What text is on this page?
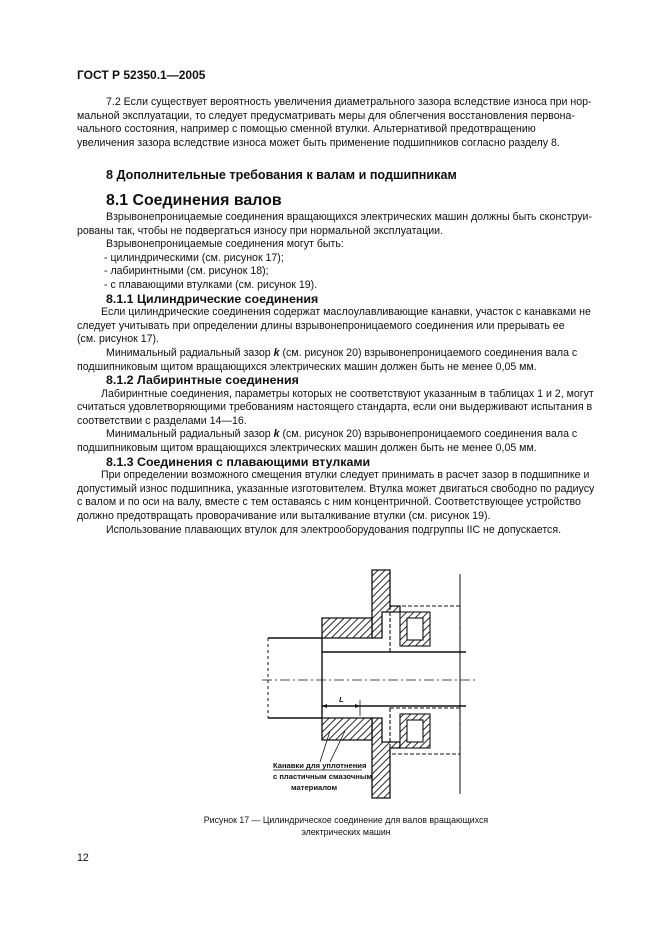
ГОСТ Р 52350.1—2005

7.2 Если существует вероятность увеличения диаметрального зазора вследствие износа при нор-

мальной эксплуатации, то следует предусматривать меры для облегчения восстановления первона-

чального состояния, например с помощью сменной втулки. Альтернативой предотвращению

увеличения зазора вследствие износа может быть применение подшипников согласно разделу 8.

8 Дополнительные требования к валам и подшипникам
8.1 Соединения валов

Взрывонепроницаемые соединения вращающихся электрических машин должны быть сконструи-

рованы так, чтобы не подвергаться износу при нормальной эксплуатации.

Взрывонепроницаемые соединения могут быть:

- цилиндрическими (см. рисунок 17);

- лабиринтными (см. рисунок 18);

- с плавающими втулками (см. рисунок 19).

8.1.1 Цилиндрические соединения

Если цилиндрические соединения содержат маслоулавливающие канавки, участок с канавками не

следует учитывать при определении длины взрывонепроницаемого соединения или прерывать ее

(см. рисунок 17).

Минимальный радиальный зазор k (см. рисунок 20) взрывонепроницаемого соединения вала с

подшипниковым щитом вращающихся электрических машин должен быть не менее 0,05 мм.

8.1.2 Лабиринтные соединения

Лабиринтные соединения, параметры которых не соответствуют указанным в таблицах 1 и 2, могут

считаться удовлетворяющими требованиям настоящего стандарта, если они выдерживают испытания в

соответствии с разделами 14—16.

Минимальный радиальный зазор k (см. рисунок 20) взрывонепроницаемого соединения вала с

подшипниковым щитом вращающихся электрических машин должен быть не менее 0,05 мм.

8.1.3 Соединения с плавающими втулками

При определении возможного смещения втулки следует принимать в расчет зазор в подшипнике и

допустимый износ подшипника, указанные изготовителем. Втулка может двигаться свободно по радиусу

с валом и по оси на валу, вместе с тем оставаясь с ним концентричной. Соответствующее устройство

должно предотвращать проворачивание или выталкивание втулки (см. рисунок 19).

Использование плавающих втулок для электрооборудования подгруппы IIС не допускается.

L
Канавки для уплотнения
с пластичным смазочным
материалом
Рисунок 17 — Цилиндрическое соединение для валов вращающихся
электрических машин
12
